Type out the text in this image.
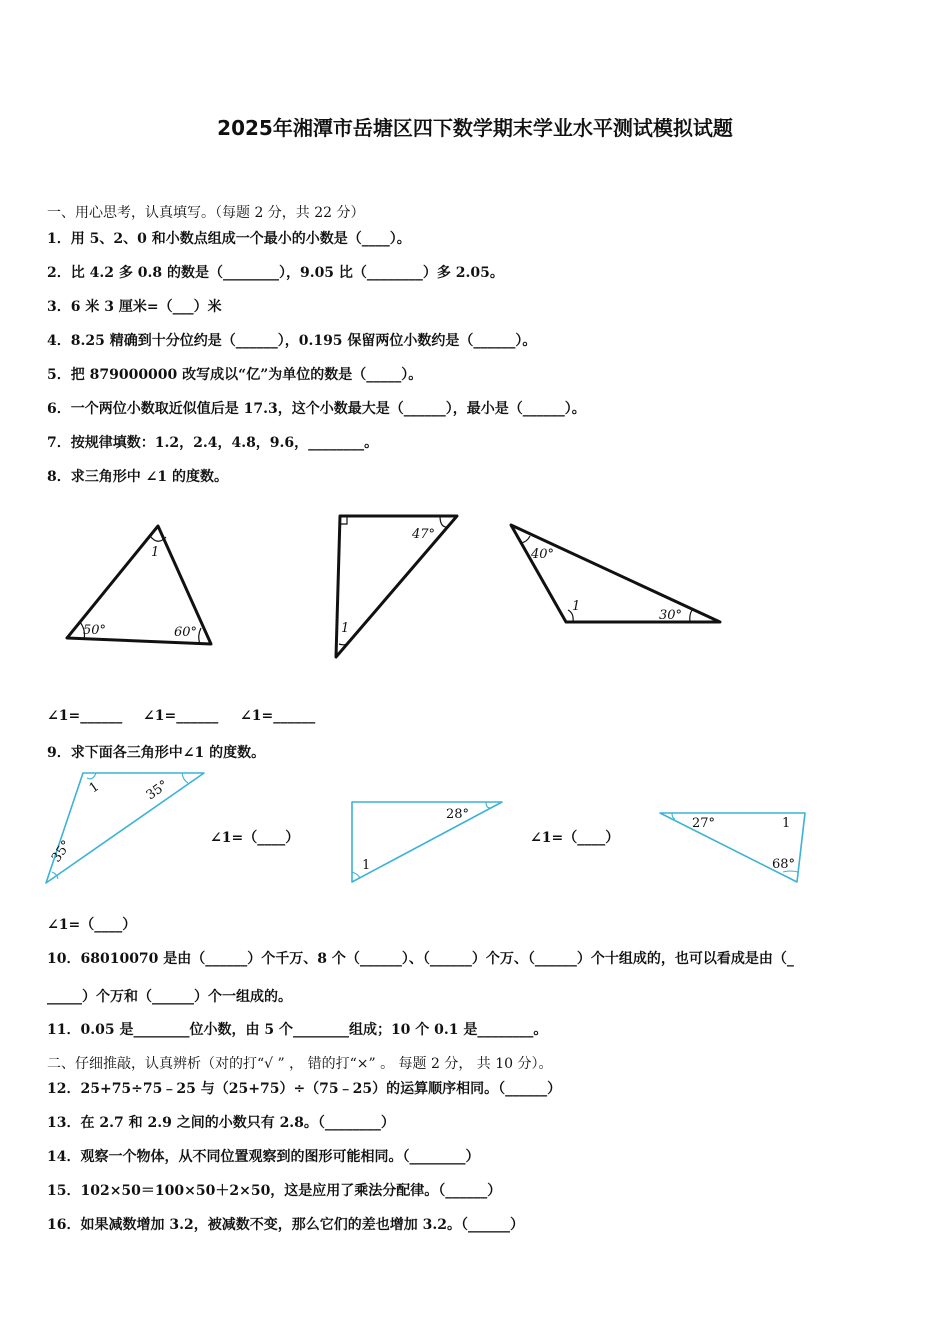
2025年湘潭市岳塘区四下数学期末学业水平测试模拟试题
一、用心思考，认真填写。（每题 2 分，共 22 分）
1．用 5、2、0 和小数点组成一个最小的小数是（____）。
2．比 4.2 多 0.8 的数是（________），9.05 比（________）多 2.05。
3．6 米 3 厘米=（___）米
4．8.25 精确到十分位约是（______），0.195 保留两位小数约是（______）。
5．把 879000000 改写成以“亿”为单位的数是（_____）。
6．一个两位小数取近似值后是 17.3，这个小数最大是（______），最小是（______）。
7．按规律填数：1.2，2.4，4.8，9.6，________。
8．求三角形中 ∠1 的度数。
1
50°	60°
47°
1
40°
1
30°
∠1=______ ∠1=______ ∠1=______
9．求下面各三角形中∠1 的度数。
1	35°
35°
28°
1
27°	1
68°
∠1=（____）	∠1=（____）
∠1=（____）
10．68010070 是由（______）个千万、8 个（______）、（______）个万、（______）个十组成的，也可以看成是由（_
_____）个万和（______）个一组成的。
11．0.05 是________位小数，由 5 个________组成；10 个 0.1 是________。
二、仔细推敲，认真辨析（对的打“√ ” ， 错的打“×” 。 每题 2 分， 共 10 分）。
12．25+75÷75﹣25 与（25+75）÷（75﹣25）的运算顺序相同。（______）
13．在 2.7 和 2.9 之间的小数只有 2.8。（________）
14．观察一个物体，从不同位置观察到的图形可能相同。（________）
15．102×50＝100×50＋2×50，这是应用了乘法分配律。（______）
16．如果减数增加 3.2，被减数不变，那么它们的差也增加 3.2。（______）
